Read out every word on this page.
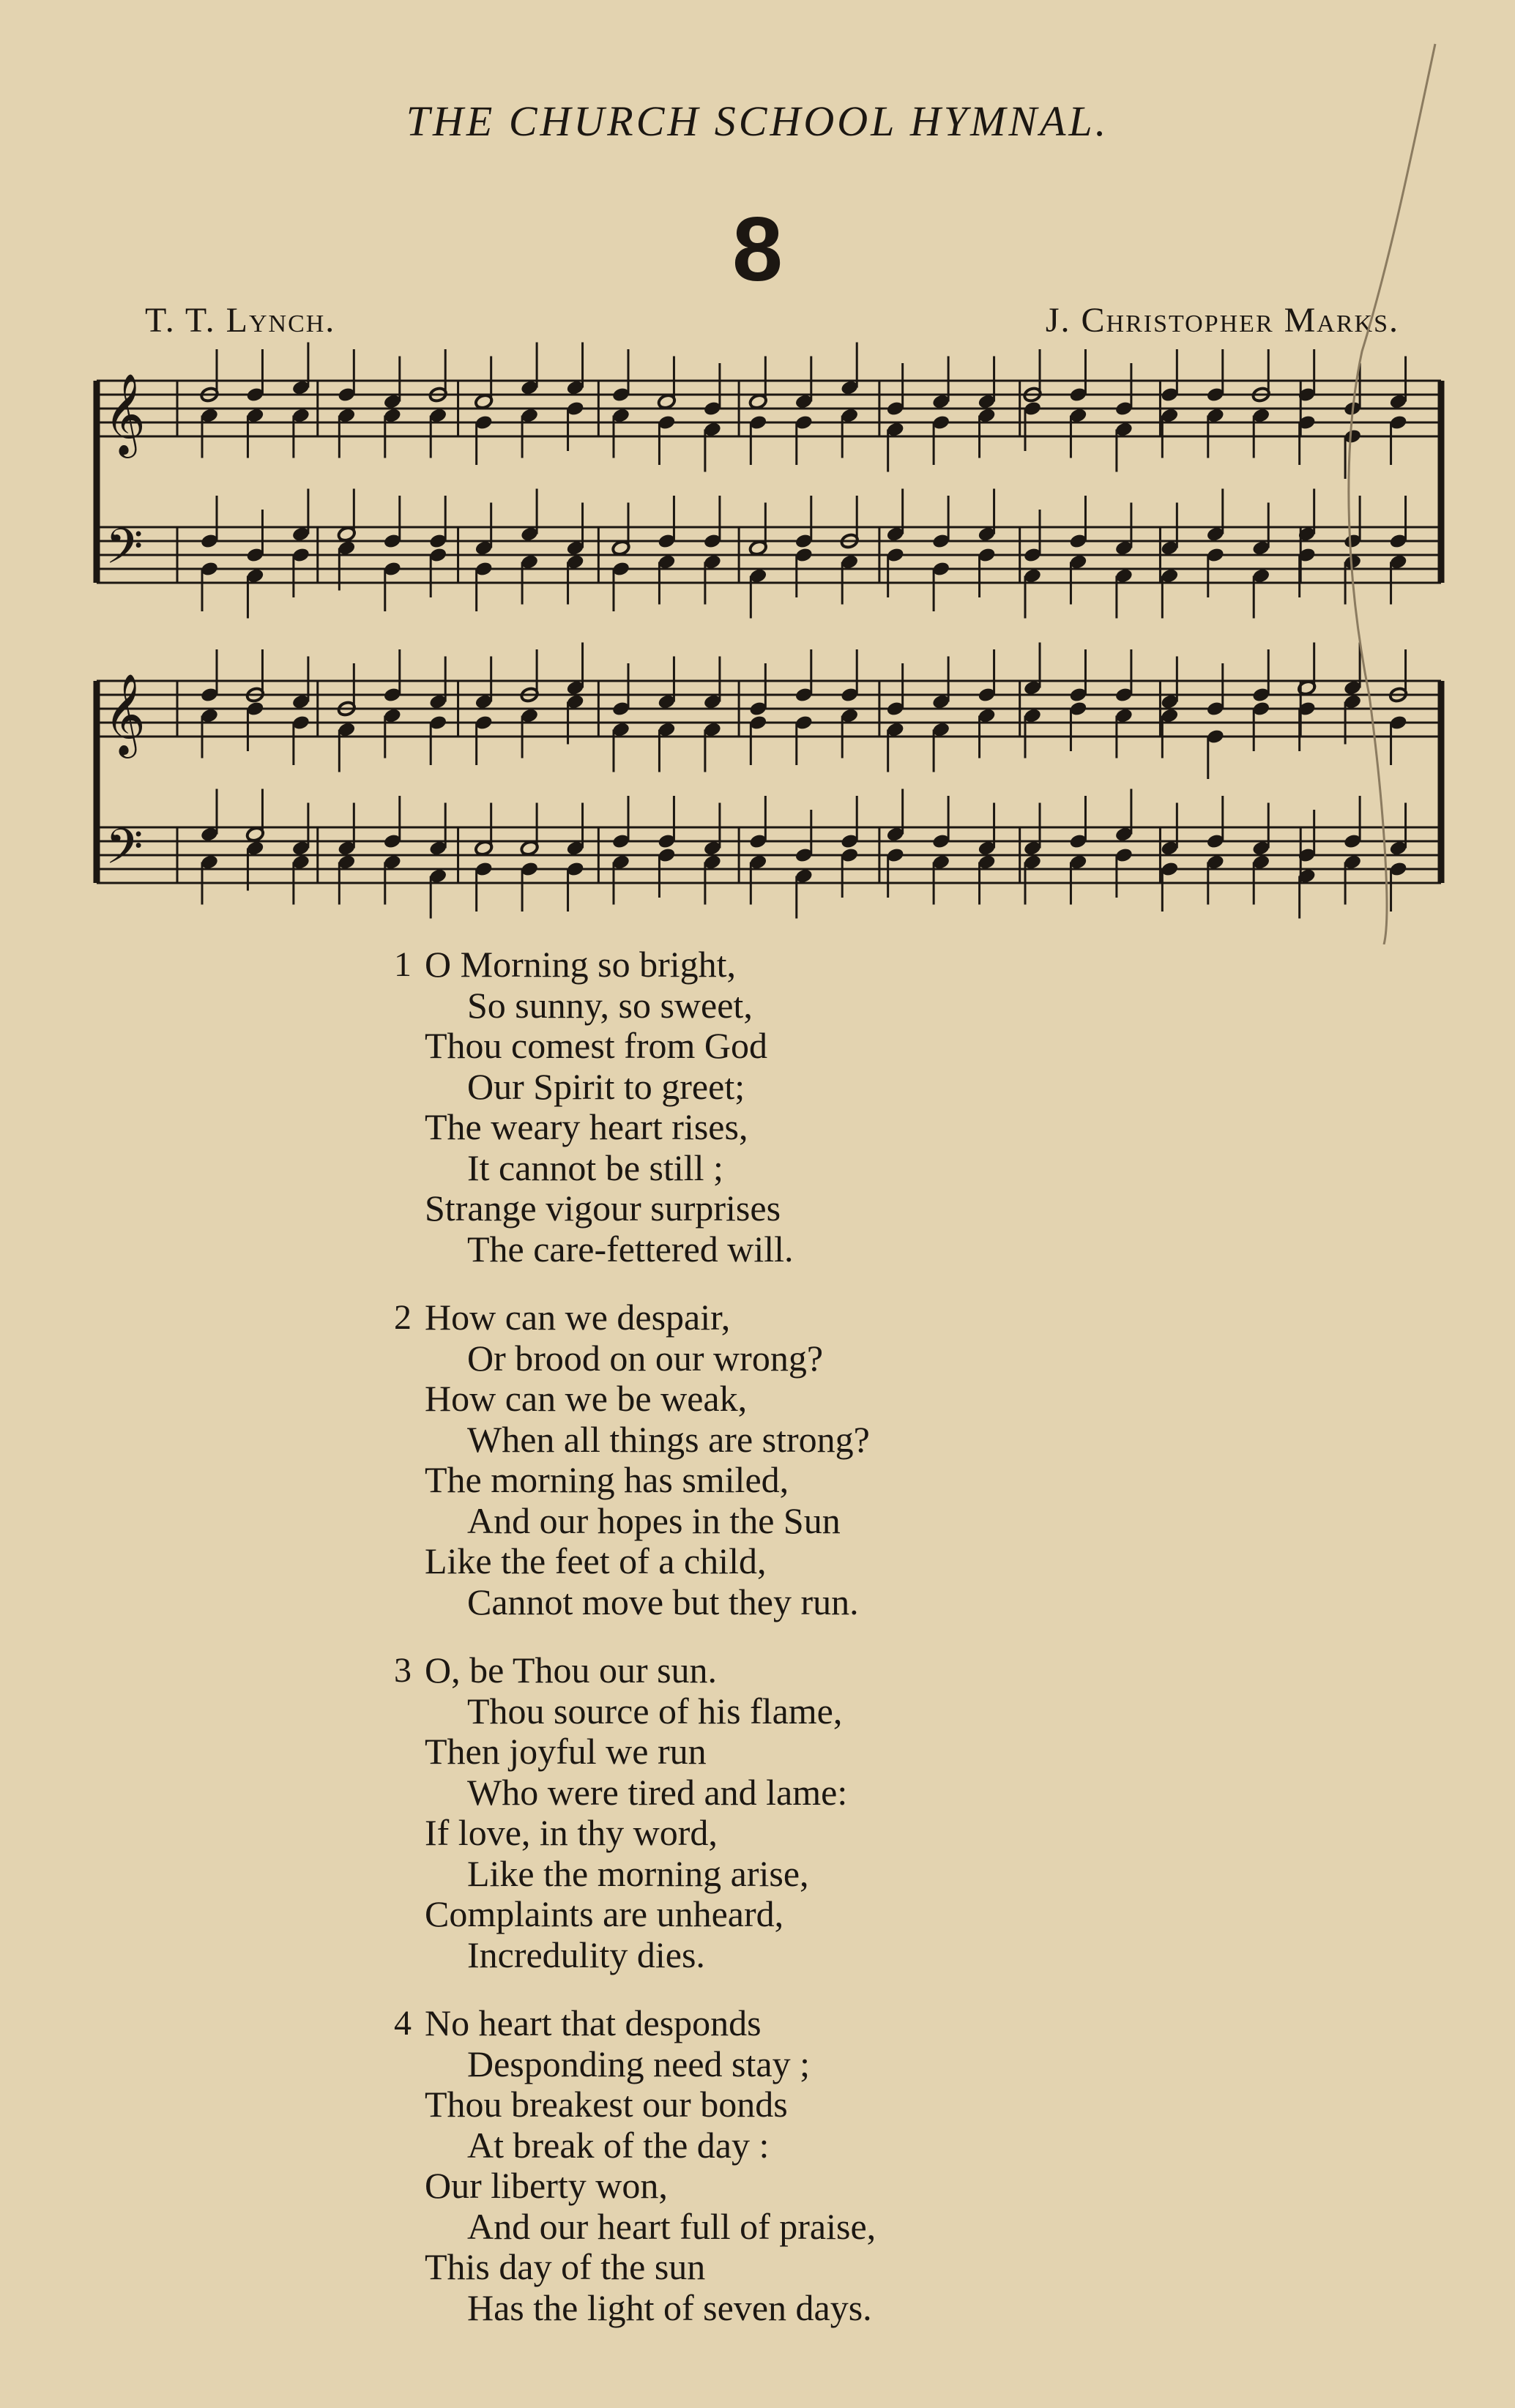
THE CHURCH SCHOOL HYMNAL.
8
T. T. Lynch.	J. Christopher Marks.
𝄞
𝄢
𝄞
𝄢
1 O Morning so bright,
So sunny, so sweet,
Thou comest from God
Our Spirit to greet;
The weary heart rises,
It cannot be still ;
Strange vigour surprises
The care-fettered will.
2 How can we despair,
Or brood on our wrong?
How can we be weak,
When all things are strong?
The morning has smiled,
And our hopes in the Sun
Like the feet of a child,
Cannot move but they run.
3 O, be Thou our sun.
Thou source of his flame,
Then joyful we run
Who were tired and lame:
If love, in thy word,
Like the morning arise,
Complaints are unheard,
Incredulity dies.
4 No heart that desponds
Desponding need stay ;
Thou breakest our bonds
At break of the day :
Our liberty won,
And our heart full of praise,
This day of the sun
Has the light of seven days.
